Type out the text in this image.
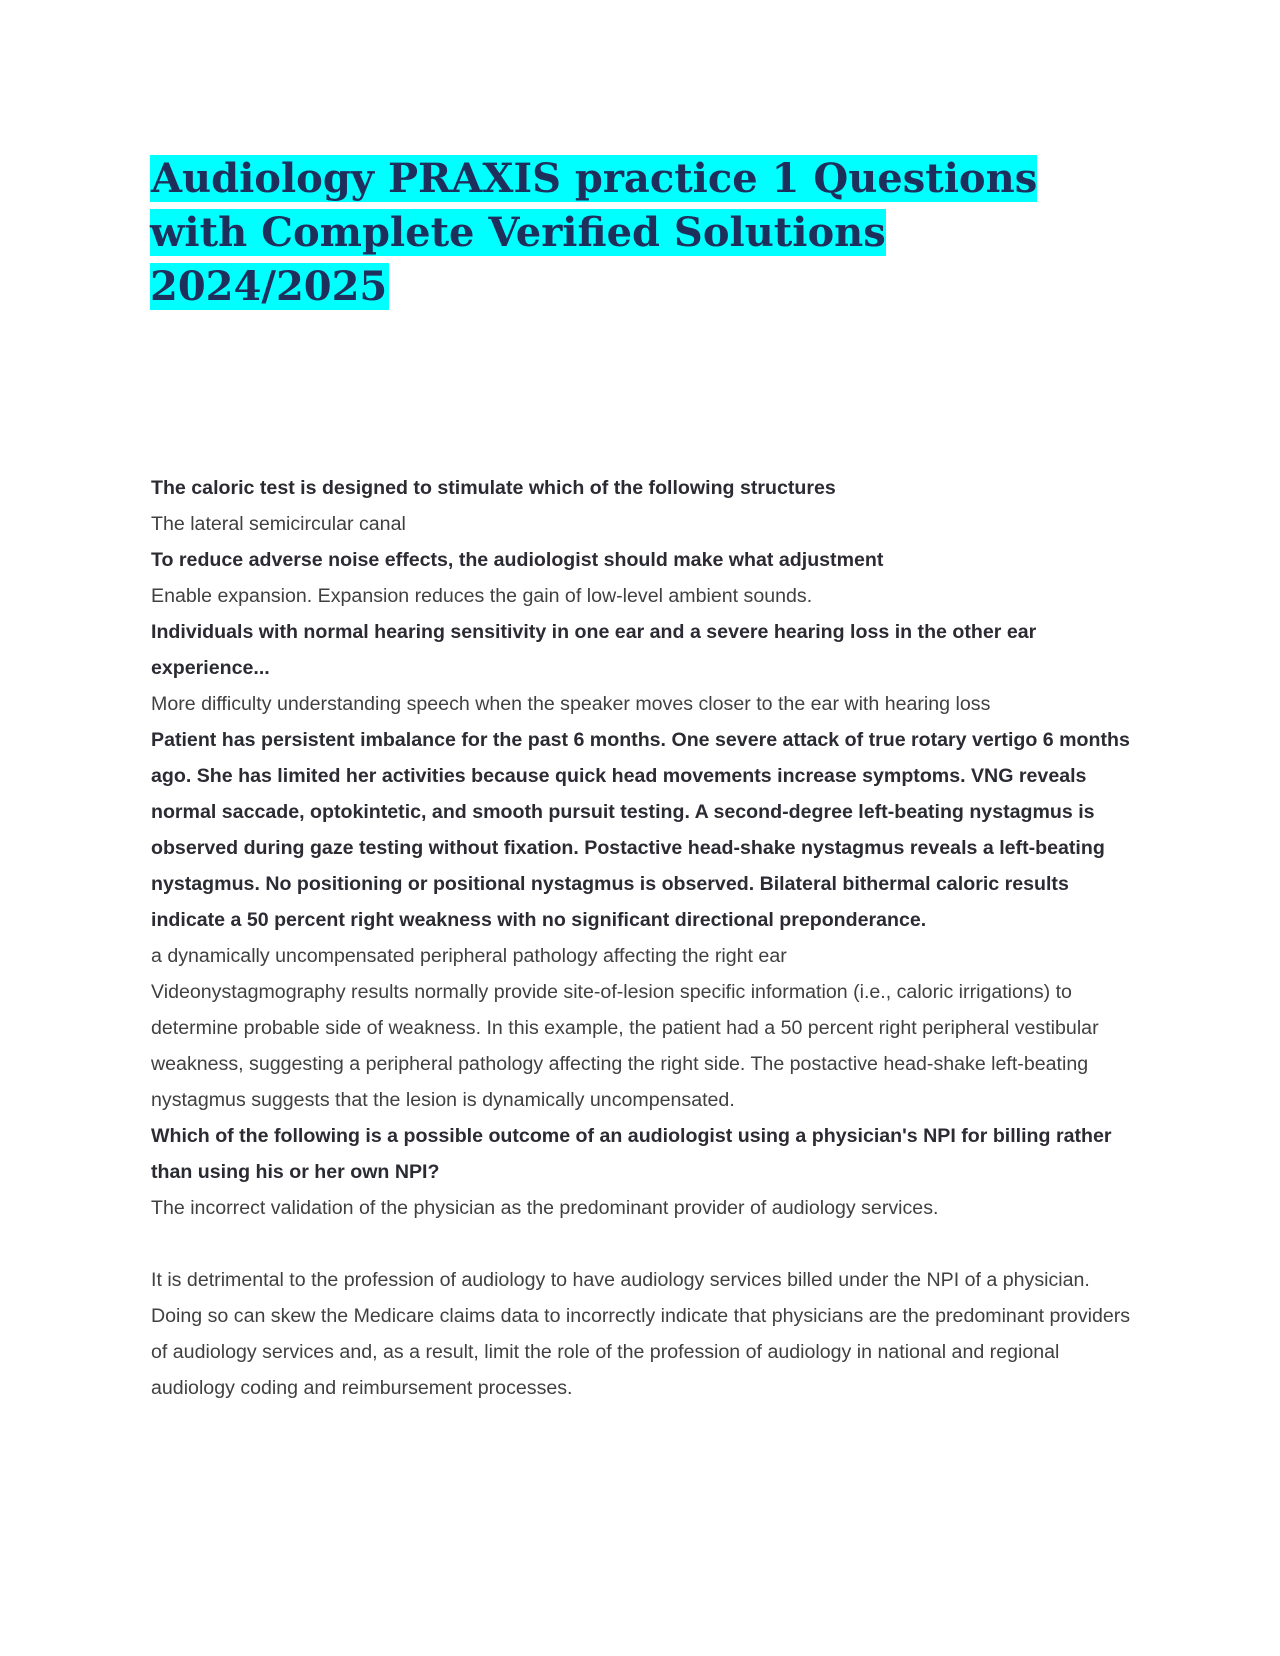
Audiology PRAXIS practice 1 Questions with Complete Verified Solutions 2024/2025

The caloric test is designed to stimulate which of the following structures

The lateral semicircular canal

To reduce adverse noise effects, the audiologist should make what adjustment

Enable expansion. Expansion reduces the gain of low-level ambient sounds.

Individuals with normal hearing sensitivity in one ear and a severe hearing loss in the other ear experience...

More difficulty understanding speech when the speaker moves closer to the ear with hearing loss

Patient has persistent imbalance for the past 6 months. One severe attack of true rotary vertigo 6 months ago. She has limited her activities because quick head movements increase symptoms. VNG reveals normal saccade, optokintetic, and smooth pursuit testing. A second-degree left-beating nystagmus is observed during gaze testing without fixation. Postactive head-shake nystagmus reveals a left-beating nystagmus. No positioning or positional nystagmus is observed. Bilateral bithermal caloric results indicate a 50 percent right weakness with no significant directional preponderance.

a dynamically uncompensated peripheral pathology affecting the right ear

Videonystagmography results normally provide site-of-lesion specific information (i.e., caloric irrigations) to determine probable side of weakness. In this example, the patient had a 50 percent right peripheral vestibular weakness, suggesting a peripheral pathology affecting the right side. The postactive head-shake left-beating nystagmus suggests that the lesion is dynamically uncompensated.

Which of the following is a possible outcome of an audiologist using a physician's NPI for billing rather than using his or her own NPI?

The incorrect validation of the physician as the predominant provider of audiology services.

It is detrimental to the profession of audiology to have audiology services billed under the NPI of a physician. Doing so can skew the Medicare claims data to incorrectly indicate that physicians are the predominant providers of audiology services and, as a result, limit the role of the profession of audiology in national and regional audiology coding and reimbursement processes.
